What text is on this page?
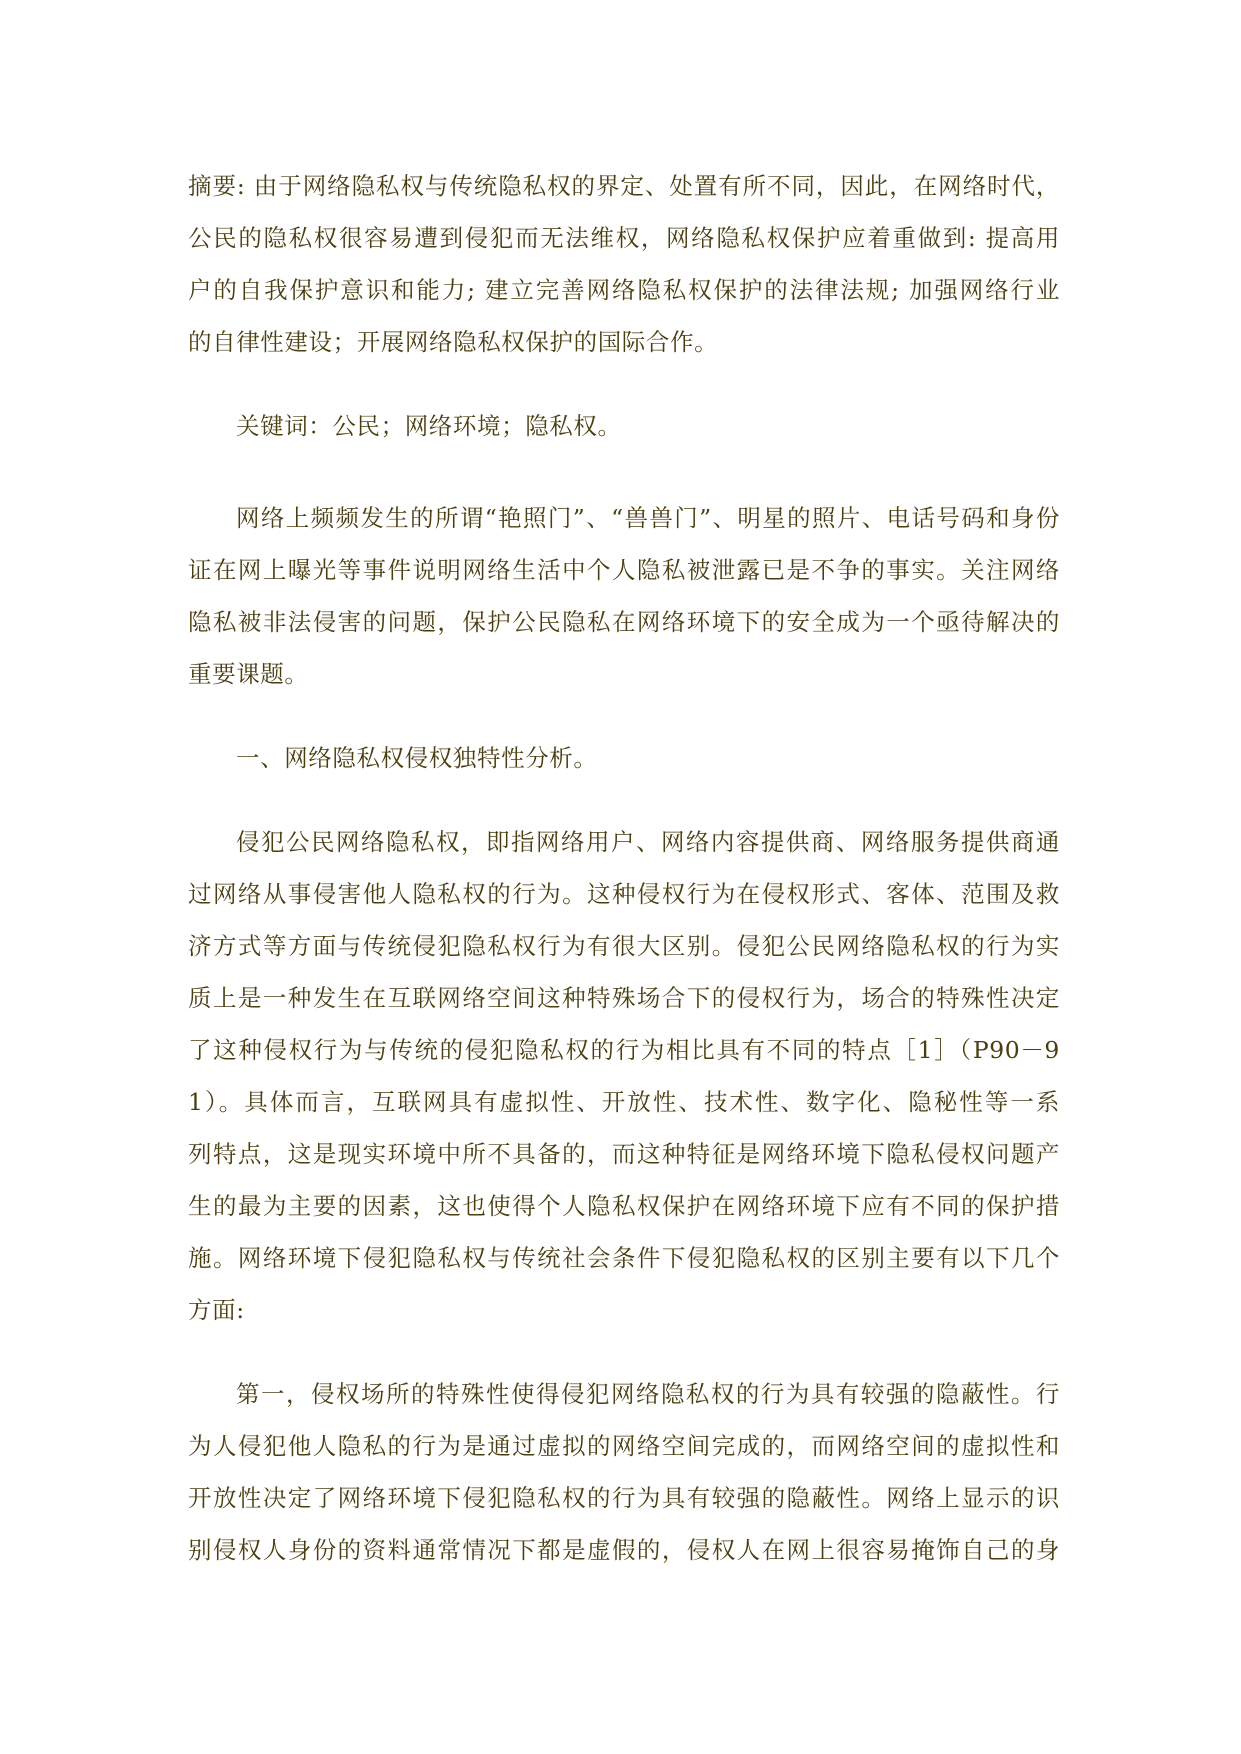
摘要: 由于网络隐私权与传统隐私权的界定、处置有所不同，因此，在网络时代，
公民的隐私权很容易遭到侵犯而无法维权，网络隐私权保护应着重做到: 提高用
户的自我保护意识和能力; 建立完善网络隐私权保护的法律法规; 加强网络行业
的自律性建设；开展网络隐私权保护的国际合作。
关键词：公民；网络环境；隐私权。
网络上频频发生的所谓“艳照门”、“兽兽门”、明星的照片、电话号码和身份
证在网上曝光等事件说明网络生活中个人隐私被泄露已是不争的事实。关注网络
隐私被非法侵害的问题，保护公民隐私在网络环境下的安全成为一个亟待解决的
重要课题。
一、网络隐私权侵权独特性分析。
侵犯公民网络隐私权，即指网络用户、网络内容提供商、网络服务提供商通
过网络从事侵害他人隐私权的行为。这种侵权行为在侵权形式、客体、范围及救
济方式等方面与传统侵犯隐私权行为有很大区别。侵犯公民网络隐私权的行为实
质上是一种发生在互联网络空间这种特殊场合下的侵权行为，场合的特殊性决定
了这种侵权行为与传统的侵犯隐私权的行为相比具有不同的特点［1］（P90－9
1）。具体而言，互联网具有虚拟性、开放性、技术性、数字化、隐秘性等一系
列特点，这是现实环境中所不具备的，而这种特征是网络环境下隐私侵权问题产
生的最为主要的因素，这也使得个人隐私权保护在网络环境下应有不同的保护措
施。网络环境下侵犯隐私权与传统社会条件下侵犯隐私权的区别主要有以下几个
方面:
第一，侵权场所的特殊性使得侵犯网络隐私权的行为具有较强的隐蔽性。行
为人侵犯他人隐私的行为是通过虚拟的网络空间完成的，而网络空间的虚拟性和
开放性决定了网络环境下侵犯隐私权的行为具有较强的隐蔽性。网络上显示的识
别侵权人身份的资料通常情况下都是虚假的，侵权人在网上很容易掩饰自己的身
